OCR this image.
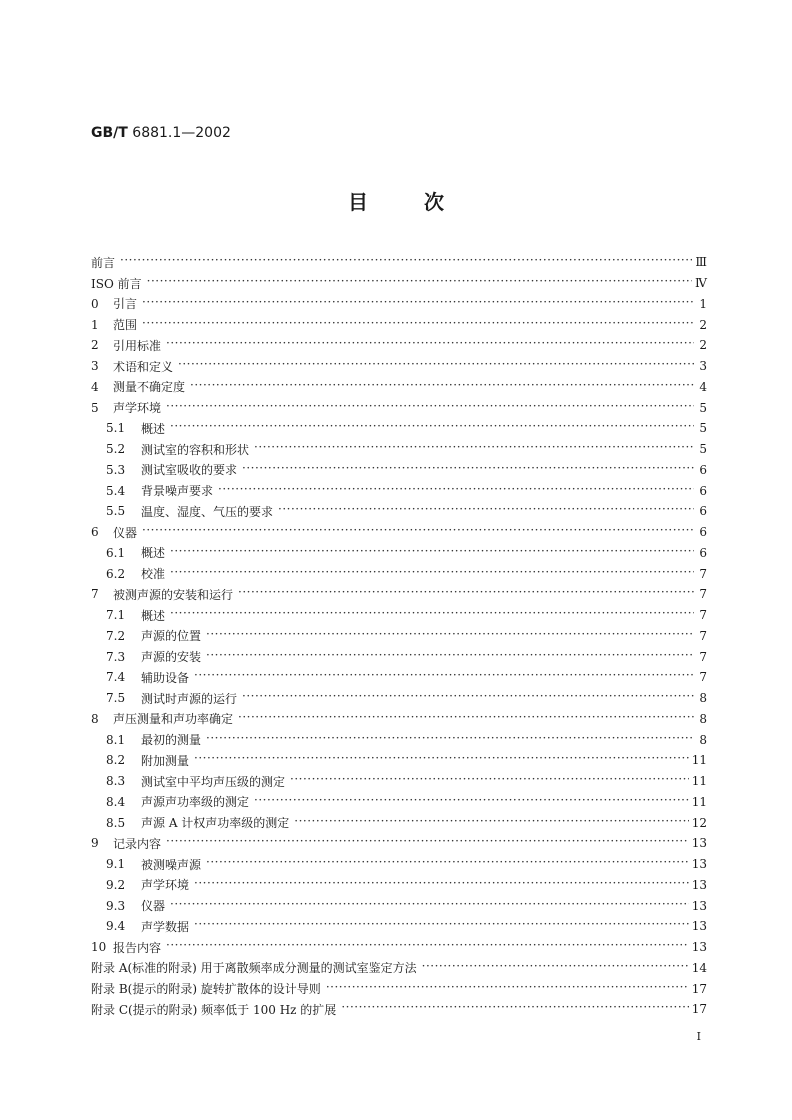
GB/T 6881.1—2002
目	次
前言 ·····	Ⅲ
ISO 前言 ·····	Ⅳ
0	引言 ·····	1
1	范围 ·····	2
2	引用标准 ·····	2
3	术语和定义 ·····	3
4	测量不确定度 ·····	4
5	声学环境 ·····	5
5.1	概述 ·····	5
5.2	测试室的容积和形状 ·····	5
5.3	测试室吸收的要求 ·····	6
5.4	背景噪声要求 ·····	6
5.5	温度、湿度、气压的要求 ·····	6
6	仪器 ·····	6
6.1	概述 ·····	6
6.2	校准 ·····	7
7	被测声源的安装和运行 ·····	7
7.1	概述 ·····	7
7.2	声源的位置 ·····	7
7.3	声源的安装 ·····	7
7.4	辅助设备 ·····	7
7.5	测试时声源的运行 ·····	8
8	声压测量和声功率确定 ·····	8
8.1	最初的测量 ·····	8
8.2	附加测量 ·····	11
8.3	测试室中平均声压级的测定 ·····	11
8.4	声源声功率级的测定 ·····	11
8.5	声源 A 计权声功率级的测定 ·····	12
9	记录内容 ·····	13
9.1	被测噪声源 ·····	13
9.2	声学环境 ·····	13
9.3	仪器 ·····	13
9.4	声学数据 ·····	13
10 报告内容 ·····	13
附录 A(标准的附录) 用于离散频率成分测量的测试室鉴定方法 ·····	14
附录 B(提示的附录) 旋转扩散体的设计导则 ·····	17
附录 C(提示的附录) 频率低于 100 Hz 的扩展 ·····	17
I
